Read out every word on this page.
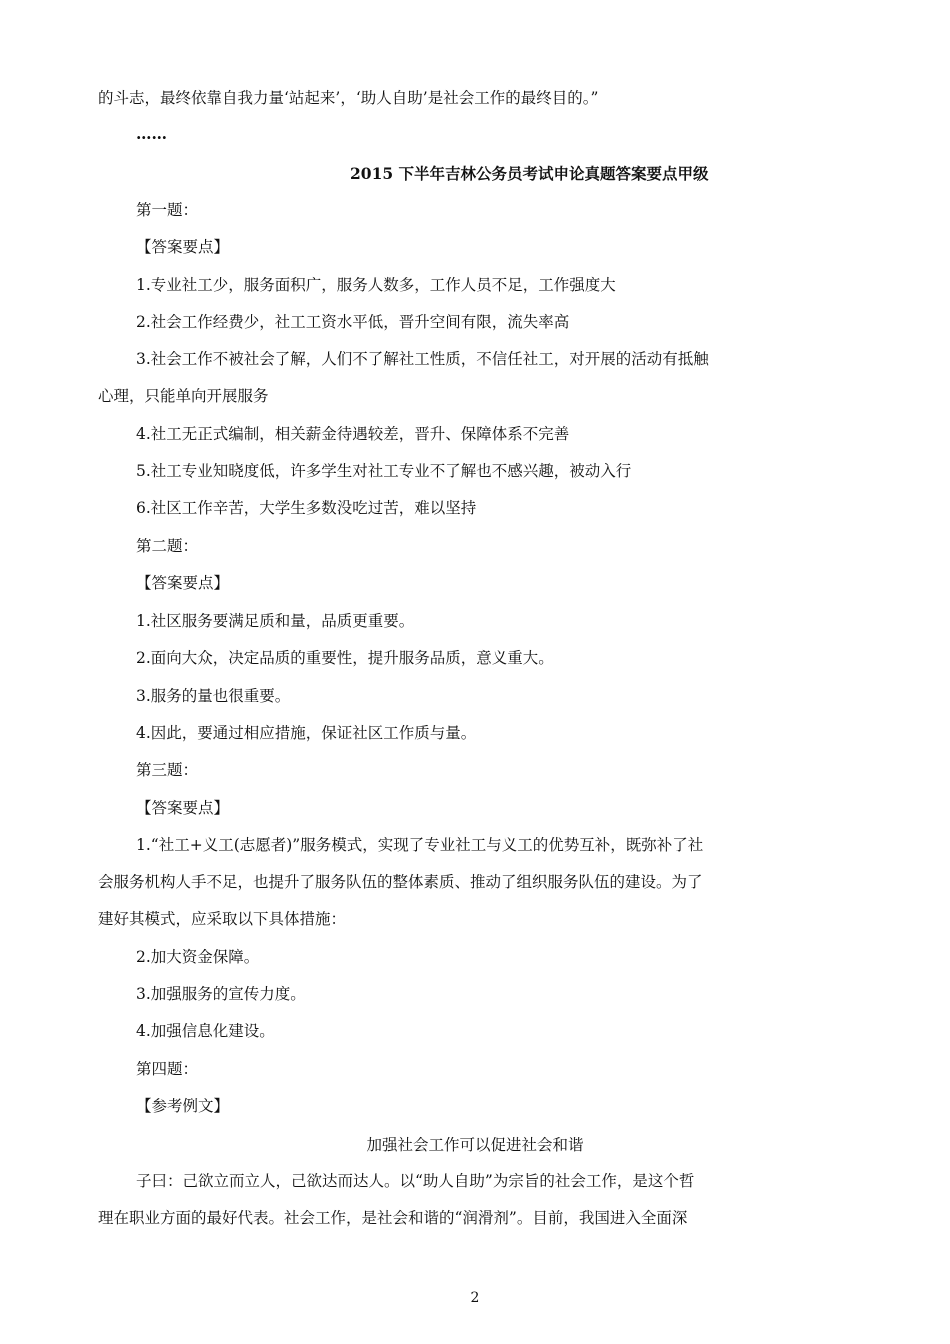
的斗志，最终依靠自我力量‘站起来’，‘助人自助’是社会工作的最终目的。”
……
2015 下半年吉林公务员考试申论真题答案要点甲级
第一题：
【答案要点】
1.专业社工少，服务面积广，服务人数多，工作人员不足，工作强度大
2.社会工作经费少，社工工资水平低，晋升空间有限，流失率高
3.社会工作不被社会了解，人们不了解社工性质，不信任社工，对开展的活动有抵触
心理，只能单向开展服务
4.社工无正式编制，相关薪金待遇较差，晋升、保障体系不完善
5.社工专业知晓度低，许多学生对社工专业不了解也不感兴趣，被动入行
6.社区工作辛苦，大学生多数没吃过苦，难以坚持
第二题：
【答案要点】
1.社区服务要满足质和量，品质更重要。
2.面向大众，决定品质的重要性，提升服务品质，意义重大。
3.服务的量也很重要。
4.因此，要通过相应措施，保证社区工作质与量。
第三题：
【答案要点】
1.“社工+义工(志愿者)”服务模式，实现了专业社工与义工的优势互补，既弥补了社
会服务机构人手不足，也提升了服务队伍的整体素质、推动了组织服务队伍的建设。为了
建好其模式，应采取以下具体措施：
2.加大资金保障。
3.加强服务的宣传力度。
4.加强信息化建设。
第四题：
【参考例文】
加强社会工作可以促进社会和谐
子曰：己欲立而立人，己欲达而达人。以“助人自助”为宗旨的社会工作，是这个哲
理在职业方面的最好代表。社会工作，是社会和谐的“润滑剂”。目前，我国进入全面深
2
